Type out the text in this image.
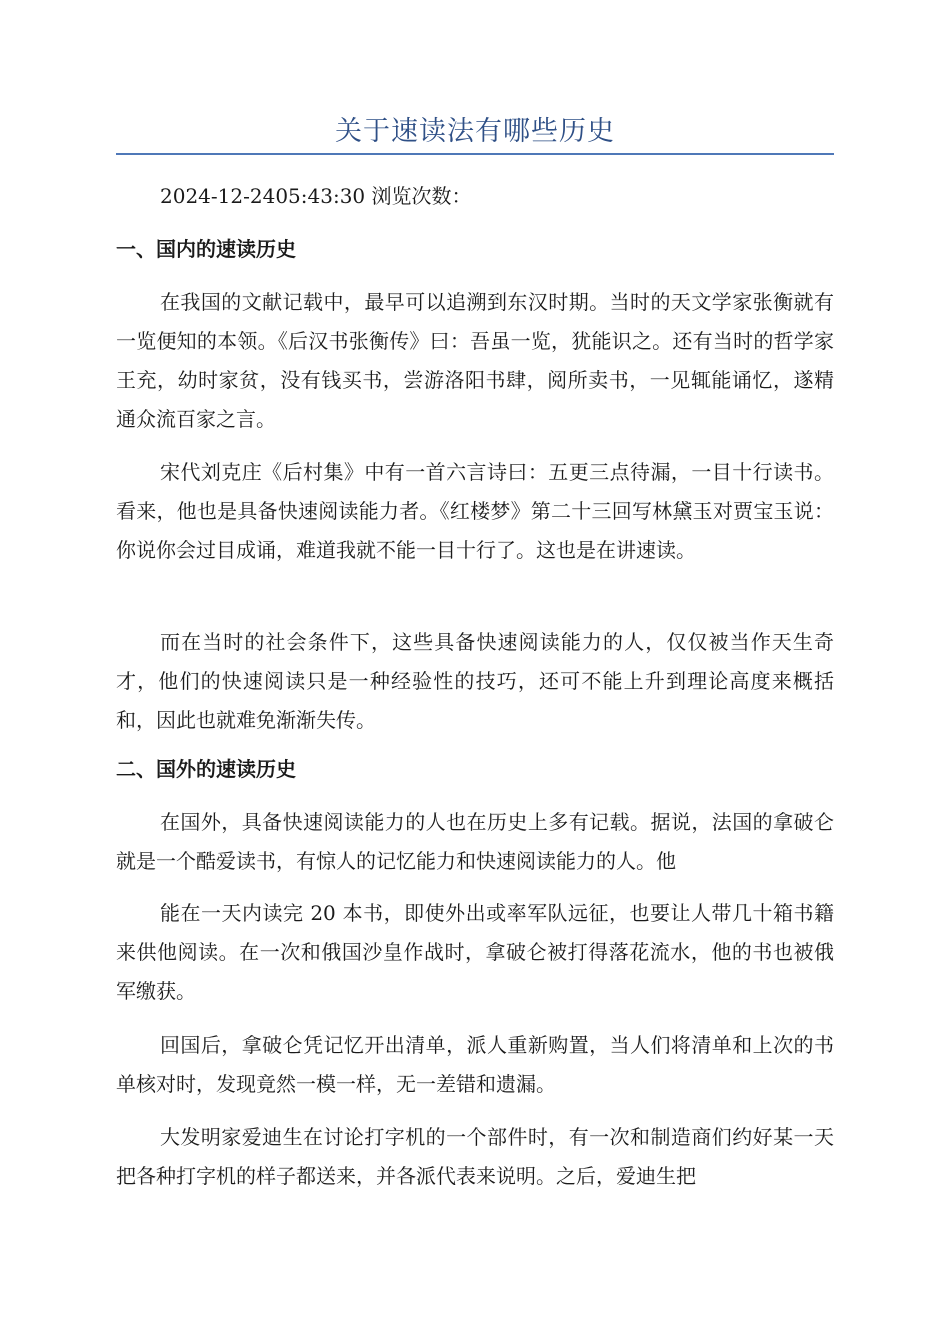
关于速读法有哪些历史
2024-12-2405:43:30 浏览次数：
一、国内的速读历史

在我国的文献记载中，最早可以追溯到东汉时期。当时的天文学家张衡就有一览便知的本领。《后汉书张衡传》曰：吾虽一览，犹能识之。还有当时的哲学家王充，幼时家贫，没有钱买书，尝游洛阳书肆，阅所卖书，一见辄能诵忆，遂精通众流百家之言。

宋代刘克庄《后村集》中有一首六言诗曰：五更三点待漏，一目十行读书。看来，他也是具备快速阅读能力者。《红楼梦》第二十三回写林黛玉对贾宝玉说：你说你会过目成诵，难道我就不能一目十行了。这也是在讲速读。

而在当时的社会条件下，这些具备快速阅读能力的人，仅仅被当作天生奇才，他们的快速阅读只是一种经验性的技巧，还可不能上升到理论高度来概括和，因此也就难免渐渐失传。

二、国外的速读历史

在国外，具备快速阅读能力的人也在历史上多有记载。据说，法国的拿破仑就是一个酷爱读书，有惊人的记忆能力和快速阅读能力的人。他

能在一天内读完 20 本书，即使外出或率军队远征，也要让人带几十箱书籍来供他阅读。在一次和俄国沙皇作战时，拿破仑被打得落花流水，他的书也被俄军缴获。

回国后，拿破仑凭记忆开出清单，派人重新购置，当人们将清单和上次的书单核对时，发现竟然一模一样，无一差错和遗漏。

大发明家爱迪生在讨论打字机的一个部件时，有一次和制造商们约好某一天把各种打字机的样子都送来，并各派代表来说明。之后，爱迪生把
